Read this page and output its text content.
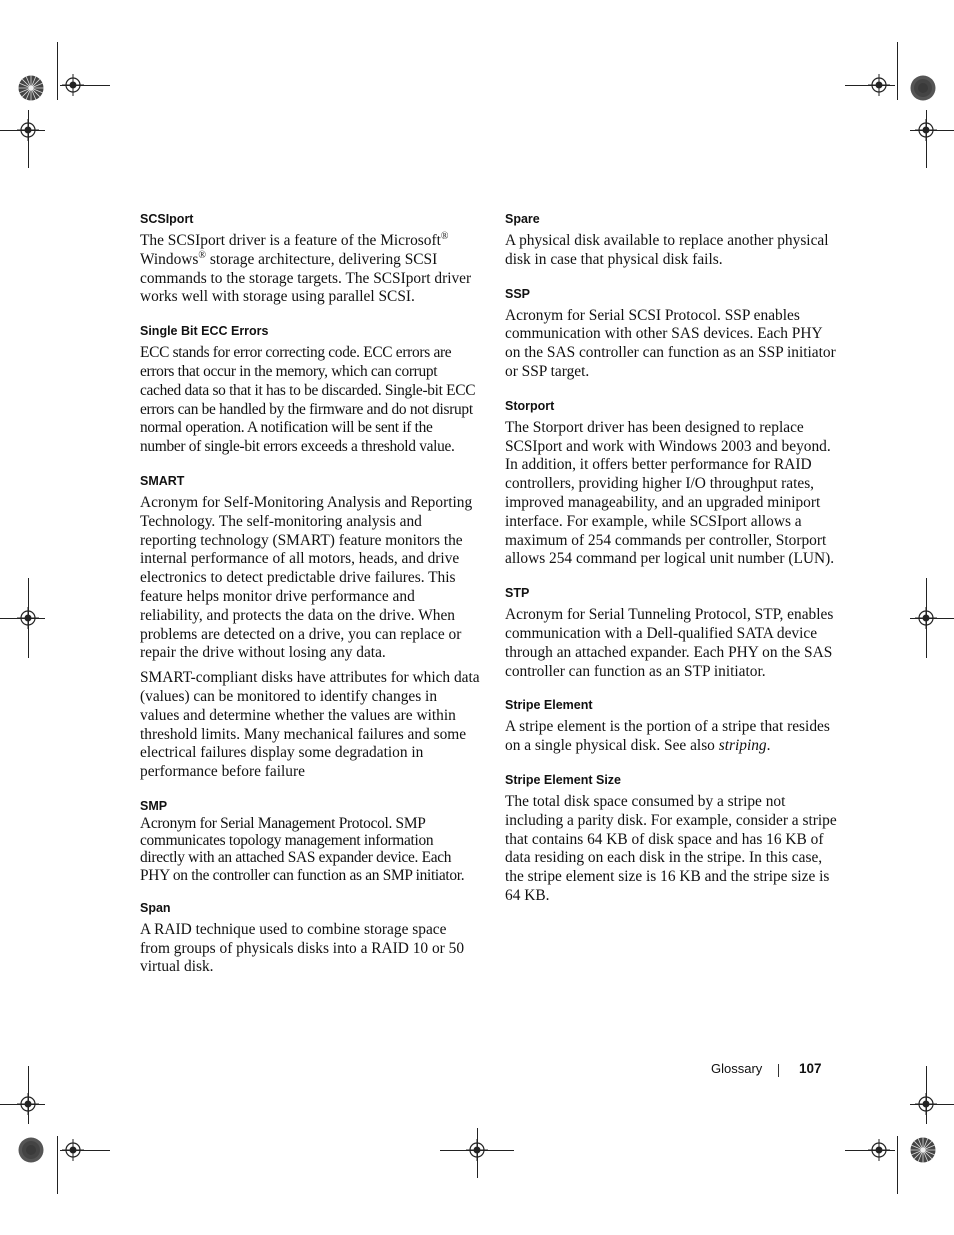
SCSIport

The SCSIport driver is a feature of the Microsoft® Windows® storage architecture, delivering SCSI commands to the storage targets. The SCSIport driver works well with storage using parallel SCSI.

Single Bit ECC Errors

ECC stands for error correcting code. ECC errors are errors that occur in the memory, which can corrupt cached data so that it has to be discarded. Single-bit ECC errors can be handled by the firmware and do not disrupt normal operation. A notification will be sent if the number of single-bit errors exceeds a threshold value.

SMART

Acronym for Self-Monitoring Analysis and Reporting Technology. The self-monitoring analysis and reporting technology (SMART) feature monitors the internal performance of all motors, heads, and drive electronics to detect predictable drive failures. This feature helps monitor drive performance and reliability, and protects the data on the drive. When problems are detected on a drive, you can replace or repair the drive without losing any data.

SMART-compliant disks have attributes for which data (values) can be monitored to identify changes in values and determine whether the values are within threshold limits. Many mechanical failures and some electrical failures display some degradation in performance before failure

SMP

Acronym for Serial Management Protocol. SMP communicates topology management information directly with an attached SAS expander device. Each PHY on the controller can function as an SMP initiator.

Span

A RAID technique used to combine storage space from groups of physicals disks into a RAID 10 or 50 virtual disk.

Spare

A physical disk available to replace another physical disk in case that physical disk fails.

SSP

Acronym for Serial SCSI Protocol. SSP enables communication with other SAS devices. Each PHY on the SAS controller can function as an SSP initiator or SSP target.

Storport

The Storport driver has been designed to replace SCSIport and work with Windows 2003 and beyond. In addition, it offers better performance for RAID controllers, providing higher I/O throughput rates, improved manageability, and an upgraded miniport interface. For example, while SCSIport allows a maximum of 254 commands per controller, Storport allows 254 command per logical unit number (LUN).

STP

Acronym for Serial Tunneling Protocol, STP, enables communication with a Dell-qualified SATA device through an attached expander. Each PHY on the SAS controller can function as an STP initiator.

Stripe Element

A stripe element is the portion of a stripe that resides on a single physical disk. See also striping.

Stripe Element Size

The total disk space consumed by a stripe not including a parity disk. For example, consider a stripe that contains 64 KB of disk space and has 16 KB of data residing on each disk in the stripe. In this case, the stripe element size is 16 KB and the stripe size is 64 KB.

Glossary	107
